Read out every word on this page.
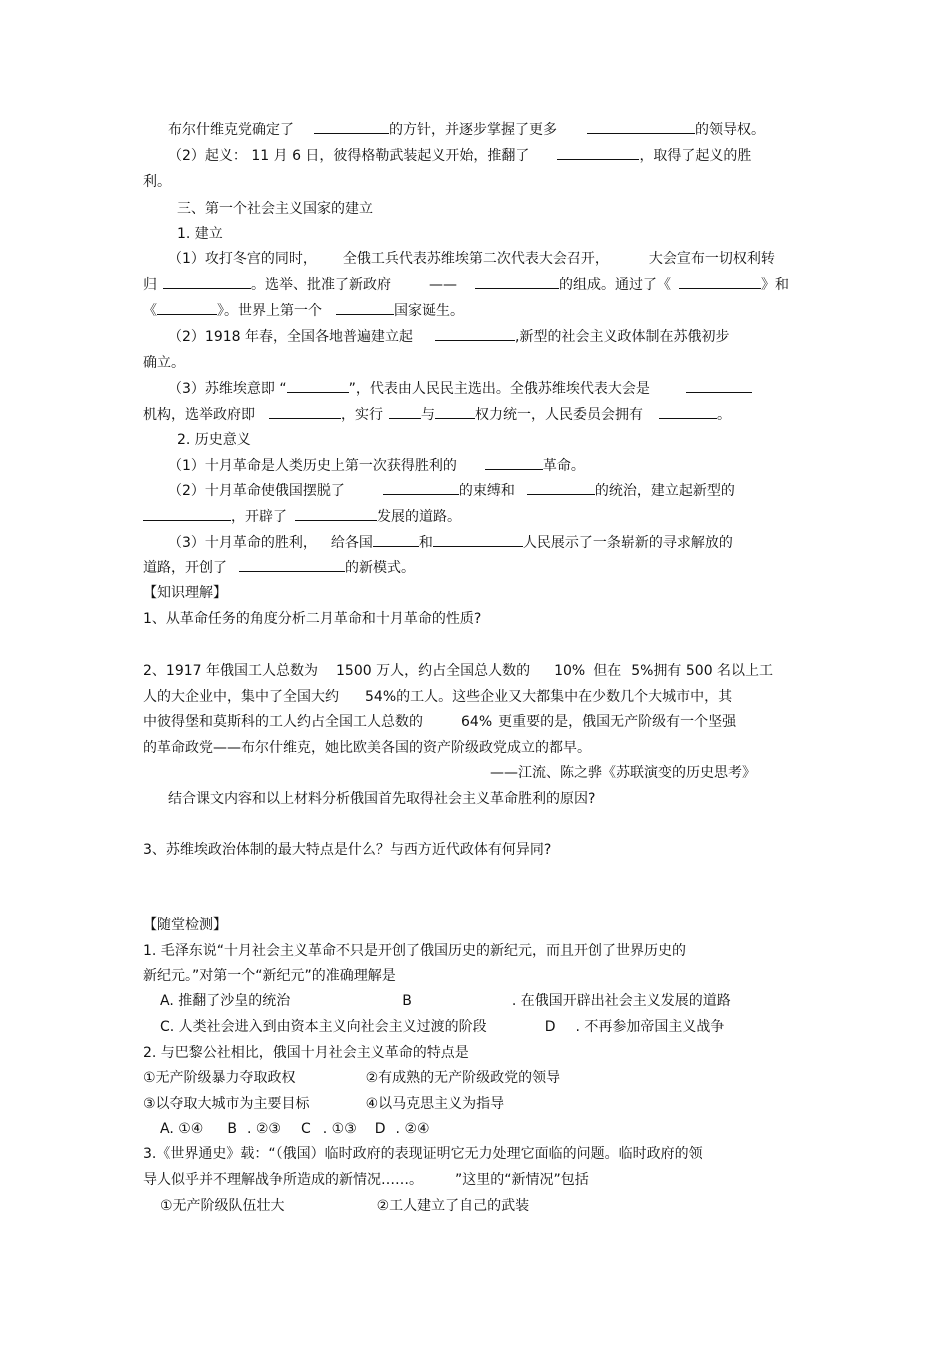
布尔什维克党确定了	的方针，并逐步掌握了更多	的领导权。
（2）起义： 11 月 6 日，彼得格勒武装起义开始，推翻了	，取得了起义的胜
利。
三、第一个社会主义国家的建立
1. 建立
（1）攻打冬宫的同时， 全俄工兵代表苏维埃第二次代表大会召开，	大会宣布一切权利转
归	。选举、批准了新政府	——	的组成。通过了《	》和
《	》。世界上第一个	国家诞生。
（2）1918 年春，全国各地普遍建立起	,新型的社会主义政体制在苏俄初步
确立。
（3）苏维埃意即 “	”，代表由人民民主选出。全俄苏维埃代表大会是
机构，选举政府即	，实行	与	权力统一，人民委员会拥有	。
2. 历史意义
（1）十月革命是人类历史上第一次获得胜利的	革命。
（2）十月革命使俄国摆脱了	的束缚和	的统治，建立起新型的
，开辟了	发展的道路。
（3）十月革命的胜利， 给各国	和	人民展示了一条崭新的寻求解放的
道路，开创了	的新模式。
【知识理解】
1、从革命任务的角度分析二月革命和十月革命的性质?
2、1917 年俄国工人总数为 1500 万人，约占全国总人数的 10% 但在 5%拥有 500 名以上工
人的大企业中，集中了全国大约 54%的工人。这些企业又大都集中在少数几个大城市中，其
中彼得堡和莫斯科的工人约占全国工人总数的	64% 更重要的是，俄国无产阶级有一个坚强
的革命政党——布尔什维克，她比欧美各国的资产阶级政党成立的都早。
——江流、陈之骅《苏联演变的历史思考》
结合课文内容和以上材料分析俄国首先取得社会主义革命胜利的原因?
3、苏维埃政治体制的最大特点是什么？与西方近代政体有何异同?
【随堂检测】
1. 毛泽东说“十月社会主义革命不只是开创了俄国历史的新纪元，而且开创了世界历史的
新纪元。”对第一个“新纪元”的准确理解是
A. 推翻了沙皇的统治	B	. 在俄国开辟出社会主义发展的道路
C. 人类社会进入到由资本主义向社会主义过渡的阶段	D . 不再参加帝国主义战争
2. 与巴黎公社相比，俄国十月社会主义革命的特点是
①无产阶级暴力夺取政权	②有成熟的无产阶级政党的领导
③以夺取大城市为主要目标	④以马克思主义为指导
A. ①④ B . ②③ C . ①③ D . ②④
3.《世界通史》载：“（俄国）临时政府的表现证明它无力处理它面临的问题。临时政府的领
导人似乎并不理解战争所造成的新情况……。 ”这里的“新情况”包括
①无产阶级队伍壮大	②工人建立了自己的武装
